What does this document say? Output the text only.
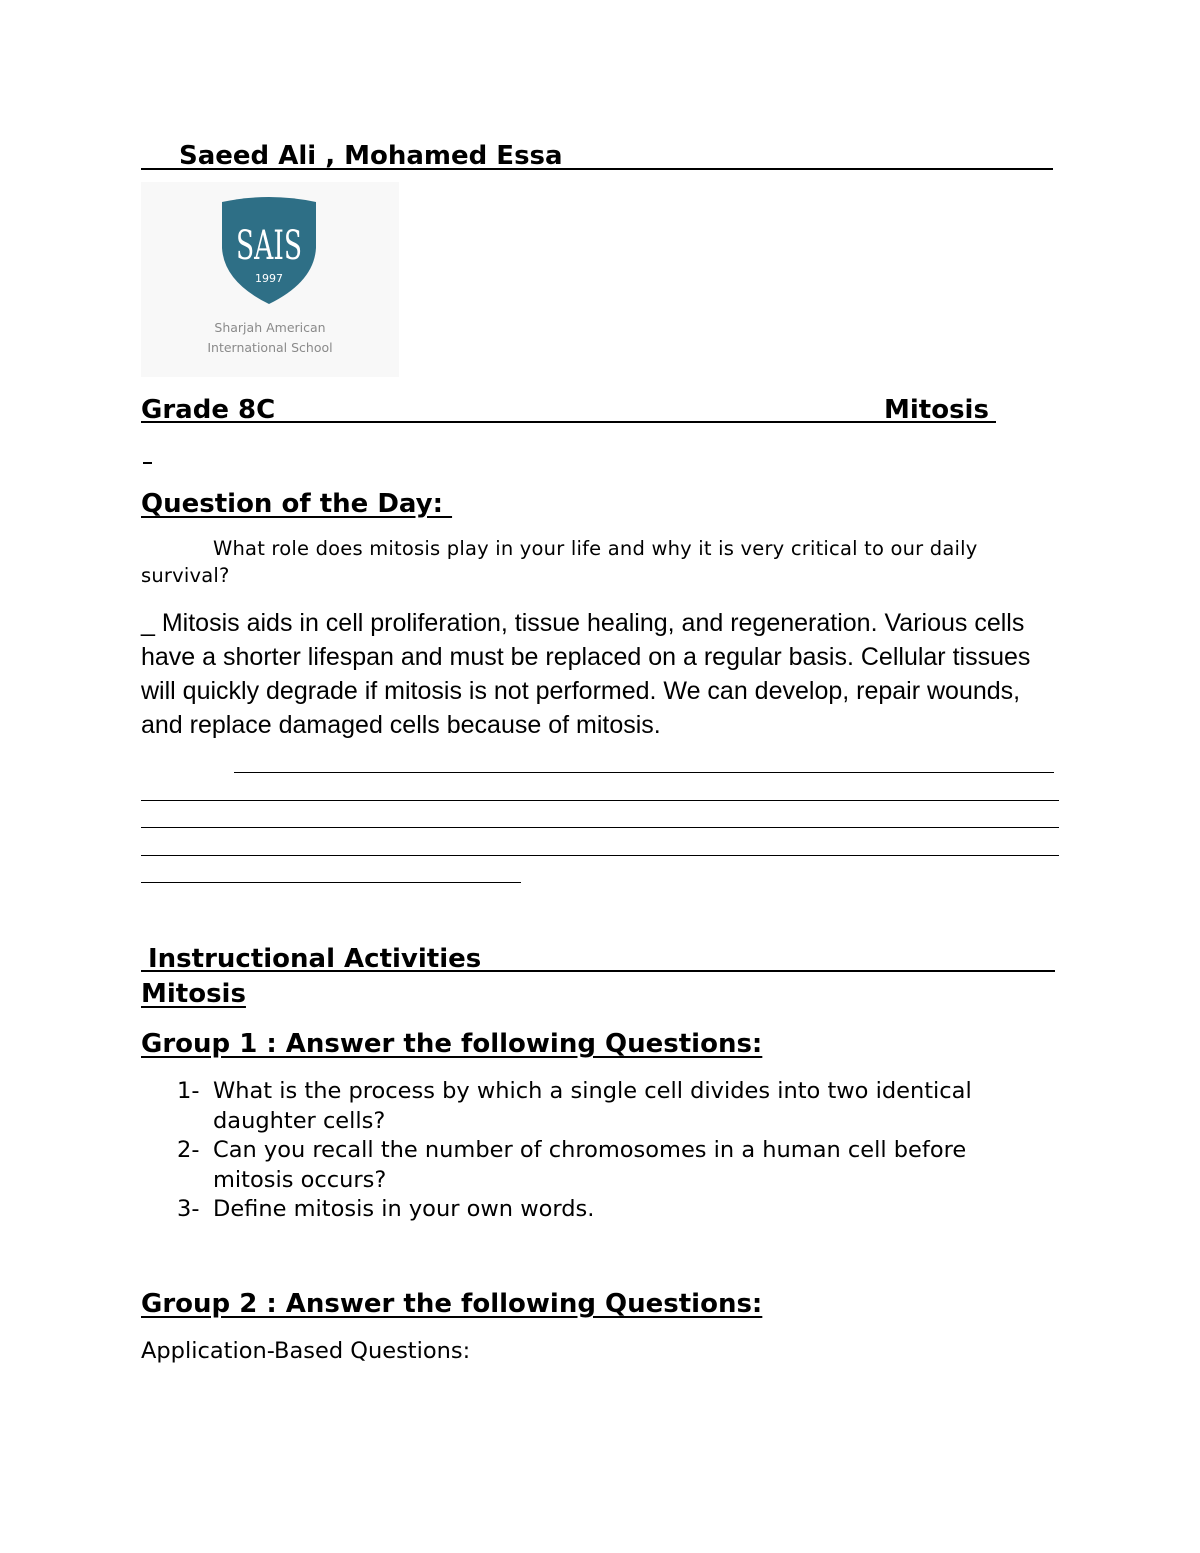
Saeed Ali , Mohamed Essa
SAIS
1997
Sharjah American
International School
Grade 8C	Mitosis
Question of the Day:
What role does mitosis play in your life and why it is very critical to our daily survival?
_ Mitosis aids in cell proliferation, tissue healing, and regeneration. Various cells have a shorter lifespan and must be replaced on a regular basis. Cellular tissues will quickly degrade if mitosis is not performed. We can develop, repair wounds, and replace damaged cells because of mitosis.
Instructional Activities
Mitosis
Group 1 : Answer the following Questions:
1- What is the process by which a single cell divides into two identical daughter cells?
2- Can you recall the number of chromosomes in a human cell before mitosis occurs?
3- Define mitosis in your own words.
Group 2 : Answer the following Questions:
Application-Based Questions:
